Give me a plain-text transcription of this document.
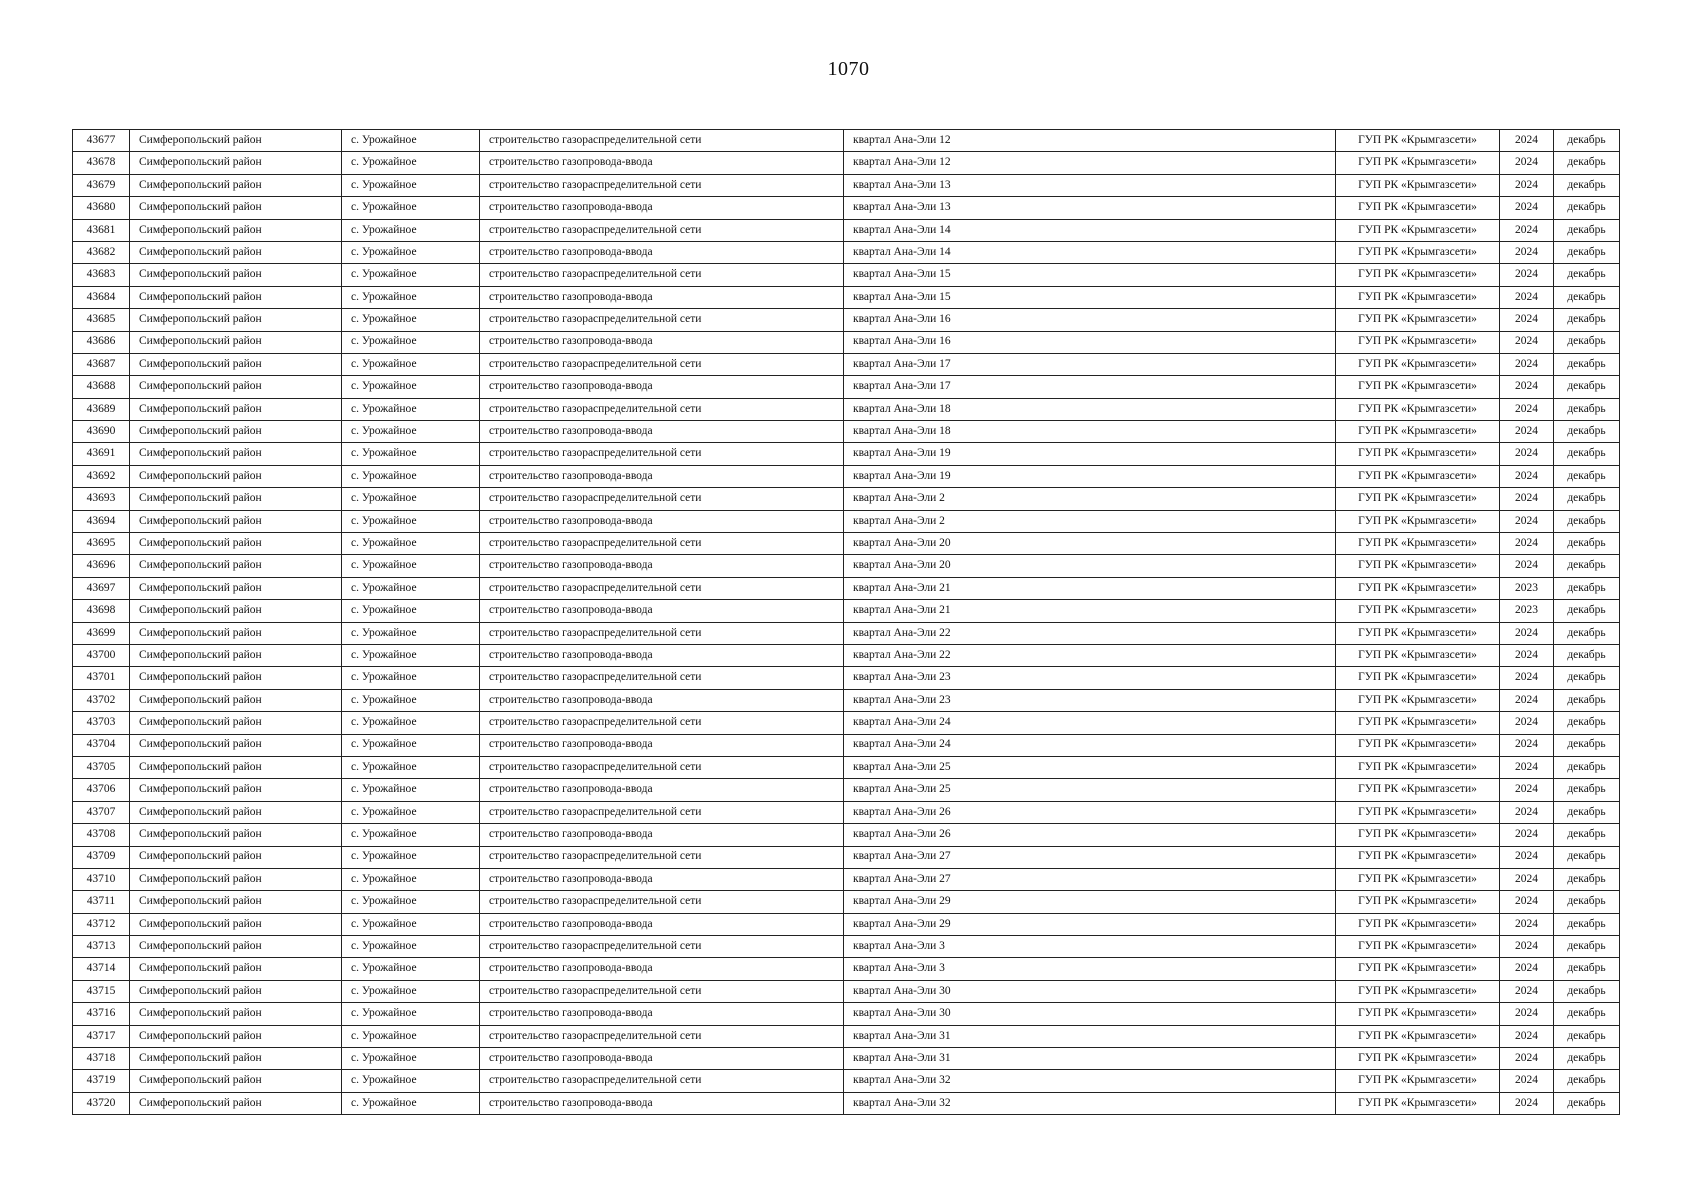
1070
43677	Симферопольский район	с. Урожайное	строительство газораспределительной сети	квартал Ана-Эли 12	ГУП РК «Крымгазсети»	2024	декабрь
43678	Симферопольский район	с. Урожайное	строительство газопровода-ввода	квартал Ана-Эли 12	ГУП РК «Крымгазсети»	2024	декабрь
43679	Симферопольский район	с. Урожайное	строительство газораспределительной сети	квартал Ана-Эли 13	ГУП РК «Крымгазсети»	2024	декабрь
43680	Симферопольский район	с. Урожайное	строительство газопровода-ввода	квартал Ана-Эли 13	ГУП РК «Крымгазсети»	2024	декабрь
43681	Симферопольский район	с. Урожайное	строительство газораспределительной сети	квартал Ана-Эли 14	ГУП РК «Крымгазсети»	2024	декабрь
43682	Симферопольский район	с. Урожайное	строительство газопровода-ввода	квартал Ана-Эли 14	ГУП РК «Крымгазсети»	2024	декабрь
43683	Симферопольский район	с. Урожайное	строительство газораспределительной сети	квартал Ана-Эли 15	ГУП РК «Крымгазсети»	2024	декабрь
43684	Симферопольский район	с. Урожайное	строительство газопровода-ввода	квартал Ана-Эли 15	ГУП РК «Крымгазсети»	2024	декабрь
43685	Симферопольский район	с. Урожайное	строительство газораспределительной сети	квартал Ана-Эли 16	ГУП РК «Крымгазсети»	2024	декабрь
43686	Симферопольский район	с. Урожайное	строительство газопровода-ввода	квартал Ана-Эли 16	ГУП РК «Крымгазсети»	2024	декабрь
43687	Симферопольский район	с. Урожайное	строительство газораспределительной сети	квартал Ана-Эли 17	ГУП РК «Крымгазсети»	2024	декабрь
43688	Симферопольский район	с. Урожайное	строительство газопровода-ввода	квартал Ана-Эли 17	ГУП РК «Крымгазсети»	2024	декабрь
43689	Симферопольский район	с. Урожайное	строительство газораспределительной сети	квартал Ана-Эли 18	ГУП РК «Крымгазсети»	2024	декабрь
43690	Симферопольский район	с. Урожайное	строительство газопровода-ввода	квартал Ана-Эли 18	ГУП РК «Крымгазсети»	2024	декабрь
43691	Симферопольский район	с. Урожайное	строительство газораспределительной сети	квартал Ана-Эли 19	ГУП РК «Крымгазсети»	2024	декабрь
43692	Симферопольский район	с. Урожайное	строительство газопровода-ввода	квартал Ана-Эли 19	ГУП РК «Крымгазсети»	2024	декабрь
43693	Симферопольский район	с. Урожайное	строительство газораспределительной сети	квартал Ана-Эли 2	ГУП РК «Крымгазсети»	2024	декабрь
43694	Симферопольский район	с. Урожайное	строительство газопровода-ввода	квартал Ана-Эли 2	ГУП РК «Крымгазсети»	2024	декабрь
43695	Симферопольский район	с. Урожайное	строительство газораспределительной сети	квартал Ана-Эли 20	ГУП РК «Крымгазсети»	2024	декабрь
43696	Симферопольский район	с. Урожайное	строительство газопровода-ввода	квартал Ана-Эли 20	ГУП РК «Крымгазсети»	2024	декабрь
43697	Симферопольский район	с. Урожайное	строительство газораспределительной сети	квартал Ана-Эли 21	ГУП РК «Крымгазсети»	2023	декабрь
43698	Симферопольский район	с. Урожайное	строительство газопровода-ввода	квартал Ана-Эли 21	ГУП РК «Крымгазсети»	2023	декабрь
43699	Симферопольский район	с. Урожайное	строительство газораспределительной сети	квартал Ана-Эли 22	ГУП РК «Крымгазсети»	2024	декабрь
43700	Симферопольский район	с. Урожайное	строительство газопровода-ввода	квартал Ана-Эли 22	ГУП РК «Крымгазсети»	2024	декабрь
43701	Симферопольский район	с. Урожайное	строительство газораспределительной сети	квартал Ана-Эли 23	ГУП РК «Крымгазсети»	2024	декабрь
43702	Симферопольский район	с. Урожайное	строительство газопровода-ввода	квартал Ана-Эли 23	ГУП РК «Крымгазсети»	2024	декабрь
43703	Симферопольский район	с. Урожайное	строительство газораспределительной сети	квартал Ана-Эли 24	ГУП РК «Крымгазсети»	2024	декабрь
43704	Симферопольский район	с. Урожайное	строительство газопровода-ввода	квартал Ана-Эли 24	ГУП РК «Крымгазсети»	2024	декабрь
43705	Симферопольский район	с. Урожайное	строительство газораспределительной сети	квартал Ана-Эли 25	ГУП РК «Крымгазсети»	2024	декабрь
43706	Симферопольский район	с. Урожайное	строительство газопровода-ввода	квартал Ана-Эли 25	ГУП РК «Крымгазсети»	2024	декабрь
43707	Симферопольский район	с. Урожайное	строительство газораспределительной сети	квартал Ана-Эли 26	ГУП РК «Крымгазсети»	2024	декабрь
43708	Симферопольский район	с. Урожайное	строительство газопровода-ввода	квартал Ана-Эли 26	ГУП РК «Крымгазсети»	2024	декабрь
43709	Симферопольский район	с. Урожайное	строительство газораспределительной сети	квартал Ана-Эли 27	ГУП РК «Крымгазсети»	2024	декабрь
43710	Симферопольский район	с. Урожайное	строительство газопровода-ввода	квартал Ана-Эли 27	ГУП РК «Крымгазсети»	2024	декабрь
43711	Симферопольский район	с. Урожайное	строительство газораспределительной сети	квартал Ана-Эли 29	ГУП РК «Крымгазсети»	2024	декабрь
43712	Симферопольский район	с. Урожайное	строительство газопровода-ввода	квартал Ана-Эли 29	ГУП РК «Крымгазсети»	2024	декабрь
43713	Симферопольский район	с. Урожайное	строительство газораспределительной сети	квартал Ана-Эли 3	ГУП РК «Крымгазсети»	2024	декабрь
43714	Симферопольский район	с. Урожайное	строительство газопровода-ввода	квартал Ана-Эли 3	ГУП РК «Крымгазсети»	2024	декабрь
43715	Симферопольский район	с. Урожайное	строительство газораспределительной сети	квартал Ана-Эли 30	ГУП РК «Крымгазсети»	2024	декабрь
43716	Симферопольский район	с. Урожайное	строительство газопровода-ввода	квартал Ана-Эли 30	ГУП РК «Крымгазсети»	2024	декабрь
43717	Симферопольский район	с. Урожайное	строительство газораспределительной сети	квартал Ана-Эли 31	ГУП РК «Крымгазсети»	2024	декабрь
43718	Симферопольский район	с. Урожайное	строительство газопровода-ввода	квартал Ана-Эли 31	ГУП РК «Крымгазсети»	2024	декабрь
43719	Симферопольский район	с. Урожайное	строительство газораспределительной сети	квартал Ана-Эли 32	ГУП РК «Крымгазсети»	2024	декабрь
43720	Симферопольский район	с. Урожайное	строительство газопровода-ввода	квартал Ана-Эли 32	ГУП РК «Крымгазсети»	2024	декабрь
